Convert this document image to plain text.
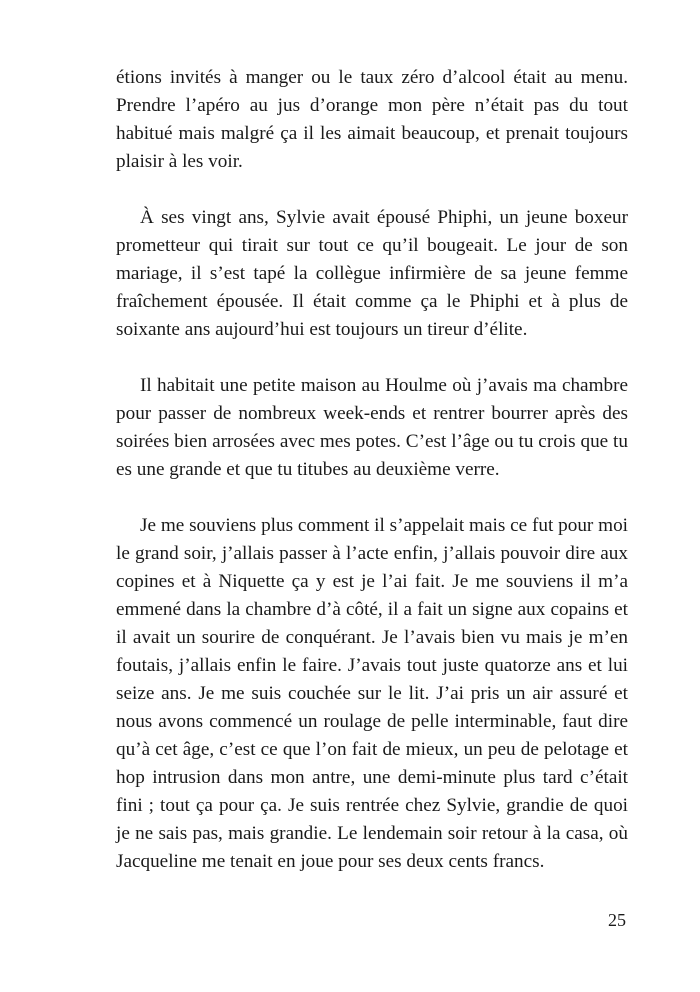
étions invités à manger ou le taux zéro d’alcool était au menu. Prendre l’apéro au jus d’orange mon père n’était pas du tout habitué mais malgré ça il les aimait beaucoup, et prenait toujours plaisir à les voir.

À ses vingt ans, Sylvie avait épousé Phiphi, un jeune boxeur prometteur qui tirait sur tout ce qu’il bougeait. Le jour de son mariage, il s’est tapé la collègue infirmière de sa jeune femme fraîchement épousée. Il était comme ça le Phiphi et à plus de soixante ans aujourd’hui est toujours un tireur d’élite.

Il habitait une petite maison au Houlme où j’avais ma chambre pour passer de nombreux week-ends et rentrer bourrer après des soirées bien arrosées avec mes potes. C’est l’âge ou tu crois que tu es une grande et que tu titubes au deuxième verre.

Je me souviens plus comment il s’appelait mais ce fut pour moi le grand soir, j’allais passer à l’acte enfin, j’allais pouvoir dire aux copines et à Niquette ça y est je l’ai fait. Je me souviens il m’a emmené dans la chambre d’à côté, il a fait un signe aux copains et il avait un sourire de conquérant. Je l’avais bien vu mais je m’en foutais, j’allais enfin le faire. J’avais tout juste quatorze ans et lui seize ans. Je me suis couchée sur le lit. J’ai pris un air assuré et nous avons commencé un roulage de pelle interminable, faut dire qu’à cet âge, c’est ce que l’on fait de mieux, un peu de pelotage et hop intrusion dans mon antre, une demi-minute plus tard c’était fini ; tout ça pour ça. Je suis rentrée chez Sylvie, grandie de quoi je ne sais pas, mais grandie. Le lendemain soir retour à la casa, où Jacqueline me tenait en joue pour ses deux cents francs.

25
